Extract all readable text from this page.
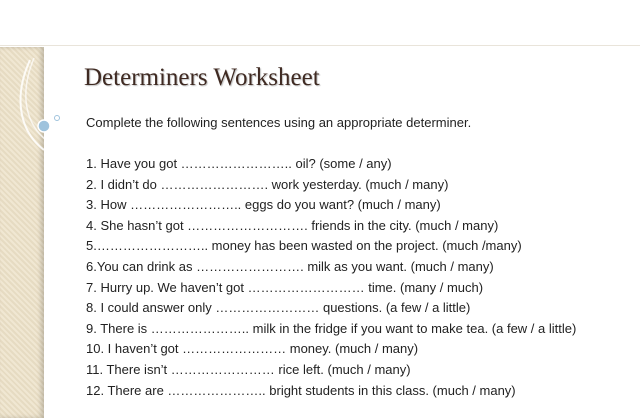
Determiners Worksheet

Complete the following sentences using an appropriate determiner.

1. Have you got …………………….. oil? (some / any)
2. I didn’t do ……………………. work yesterday. (much / many)
3. How …………………….. eggs do you want? (much / many)
4. She hasn’t got ………………………. friends in the city. (much / many)
5.…………………….. money has been wasted on the project. (much /many)
6.You can drink as ……………………. milk as you want. (much / many)
7. Hurry up. We haven’t got ……………………… time. (many / much)
8. I could answer only …………………… questions. (a few / a little)
9. There is ………………….. milk in the fridge if you want to make tea. (a few / a little)
10. I haven’t got …………………… money. (much / many)
11. There isn’t …………………… rice left. (much / many)
12. There are ………………….. bright students in this class. (much / many)
